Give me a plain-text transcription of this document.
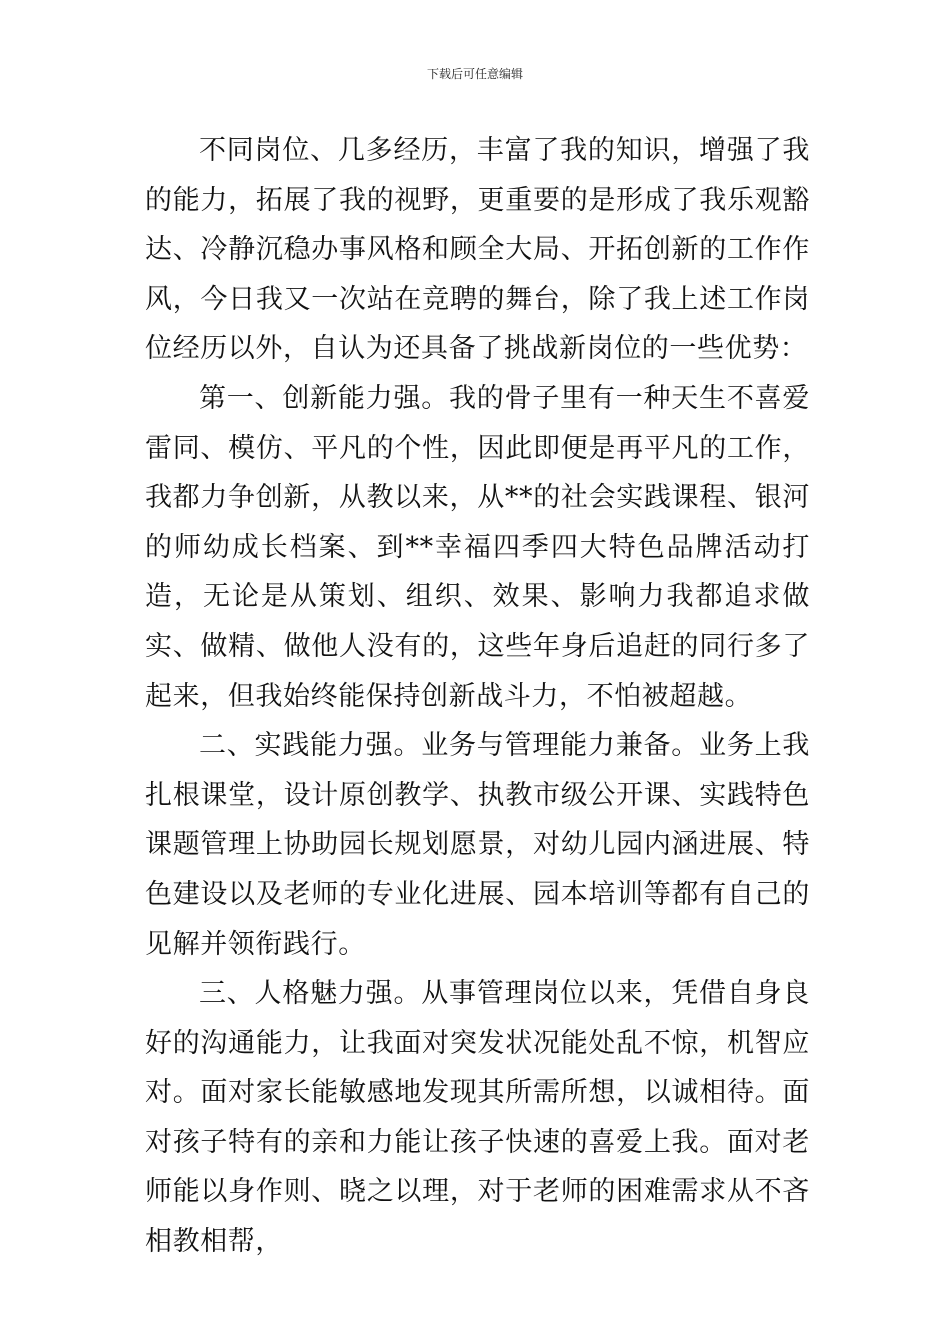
下载后可任意编辑

不同岗位、几多经历，丰富了我的知识，增强了我的能力，拓展了我的视野，更重要的是形成了我乐观豁达、冷静沉稳办事风格和顾全大局、开拓创新的工作作风，今日我又一次站在竞聘的舞台，除了我上述工作岗位经历以外，自认为还具备了挑战新岗位的一些优势：

第一、创新能力强。我的骨子里有一种天生不喜爱雷同、模仿、平凡的个性，因此即便是再平凡的工作，我都力争创新，从教以来，从**的社会实践课程、银河的师幼成长档案、到**幸福四季四大特色品牌活动打造，无论是从策划、组织、效果、影响力我都追求做实、做精、做他人没有的，这些年身后追赶的同行多了起来，但我始终能保持创新战斗力，不怕被超越。

二、实践能力强。业务与管理能力兼备。业务上我扎根课堂，设计原创教学、执教市级公开课、实践特色课题管理上协助园长规划愿景，对幼儿园内涵进展、特色建设以及老师的专业化进展、园本培训等都有自己的见解并领衔践行。

三、人格魅力强。从事管理岗位以来，凭借自身良好的沟通能力，让我面对突发状况能处乱不惊，机智应对。面对家长能敏感地发现其所需所想，以诚相待。面对孩子特有的亲和力能让孩子快速的喜爱上我。面对老师能以身作则、晓之以理，对于老师的困难需求从不吝相教相帮，
